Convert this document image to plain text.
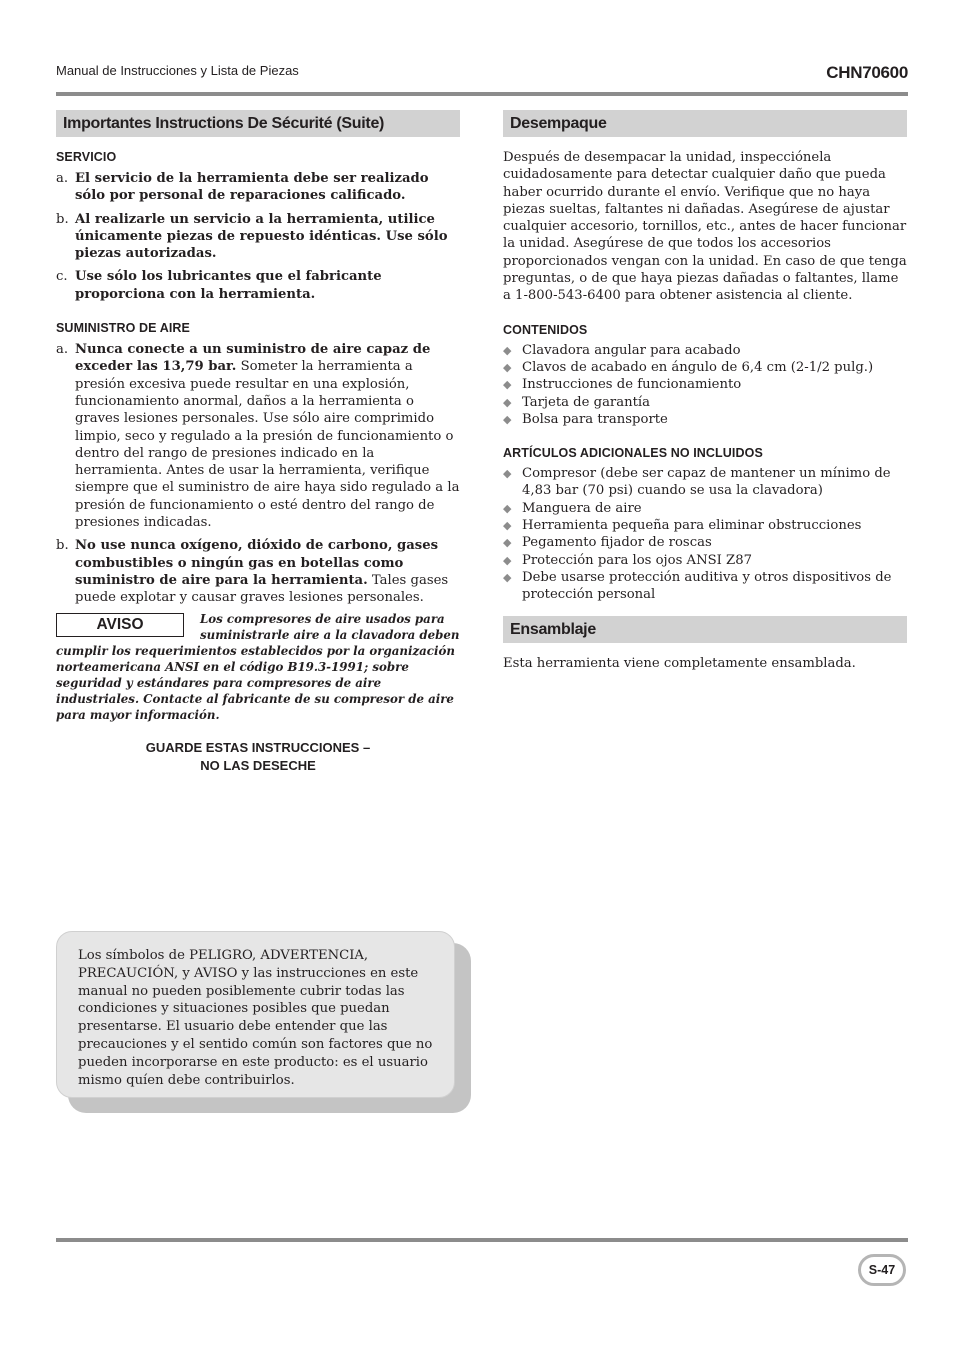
Manual de Instrucciones y Lista de Piezas	CHN70600
Importantes Instructions De Sécurité (Suite)
SERVICIO
a. El servicio de la herramienta debe ser realizado sólo por personal de reparaciones calificado.
b. Al realizarle un servicio a la herramienta, utilice únicamente piezas de repuesto idénticas. Use sólo piezas autorizadas.
c. Use sólo los lubricantes que el fabricante proporciona con la herramienta.
SUMINISTRO DE AIRE
a. Nunca conecte a un suministro de aire capaz de exceder las 13,79 bar. Someter la herramienta a presión excesiva puede resultar en una explosión, funcionamiento anormal, daños a la herramienta o graves lesiones personales. Use sólo aire comprimido limpio, seco y regulado a la presión de funcionamiento o dentro del rango de presiones indicado en la herramienta. Antes de usar la herramienta, verifique siempre que el suministro de aire haya sido regulado a la presión de funcionamiento o esté dentro del rango de presiones indicadas.
b. No use nunca oxígeno, dióxido de carbono, gases combustibles o ningún gas en botellas como suministro de aire para la herramienta. Tales gases puede explotar y causar graves lesiones personales.
AVISO	Los compresores de aire usados para
suministrarle aire a la clavadora deben
cumplir los requerimientos establecidos por la organización norteamericana ANSI en el código B19.3-1991; sobre seguridad y estándares para compresores de aire industriales. Contacte al fabricante de su compresor de aire para mayor información.
GUARDE ESTAS INSTRUCCIONES –
NO LAS DESECHE
Desempaque
Después de desempacar la unidad, inspecciónela cuidadosamente para detectar cualquier daño que pueda haber ocurrido durante el envío. Verifique que no haya piezas sueltas, faltantes ni dañadas. Asegúrese de ajustar cualquier accesorio, tornillos, etc., antes de hacer funcionar la unidad. Asegúrese de que todos los accesorios proporcionados vengan con la unidad. En caso de que tenga preguntas, o de que haya piezas dañadas o faltantes, llame a 1-800-543-6400 para obtener asistencia al cliente.
CONTENIDOS
◆ Clavadora angular para acabado
◆ Clavos de acabado en ángulo de 6,4 cm (2-1/2 pulg.)
◆ Instrucciones de funcionamiento
◆ Tarjeta de garantía
◆ Bolsa para transporte
ARTÍCULOS ADICIONALES NO INCLUIDOS
◆ Compresor (debe ser capaz de mantener un mínimo de 4,83 bar (70 psi) cuando se usa la clavadora)
◆ Manguera de aire
◆ Herramienta pequeña para eliminar obstrucciones
◆ Pegamento fijador de roscas
◆ Protección para los ojos ANSI Z87
◆ Debe usarse protección auditiva y otros dispositivos de protección personal
Ensamblaje
Esta herramienta viene completamente ensamblada.
Los símbolos de PELIGRO, ADVERTENCIA, PRECAUCIÓN, y AVISO y las instrucciones en este manual no pueden posiblemente cubrir todas las condiciones y situaciones posibles que puedan presentarse. El usuario debe entender que las precauciones y el sentido común son factores que no pueden incorporarse en este producto: es el usuario mismo quíen debe contribuirlos.
S-47
